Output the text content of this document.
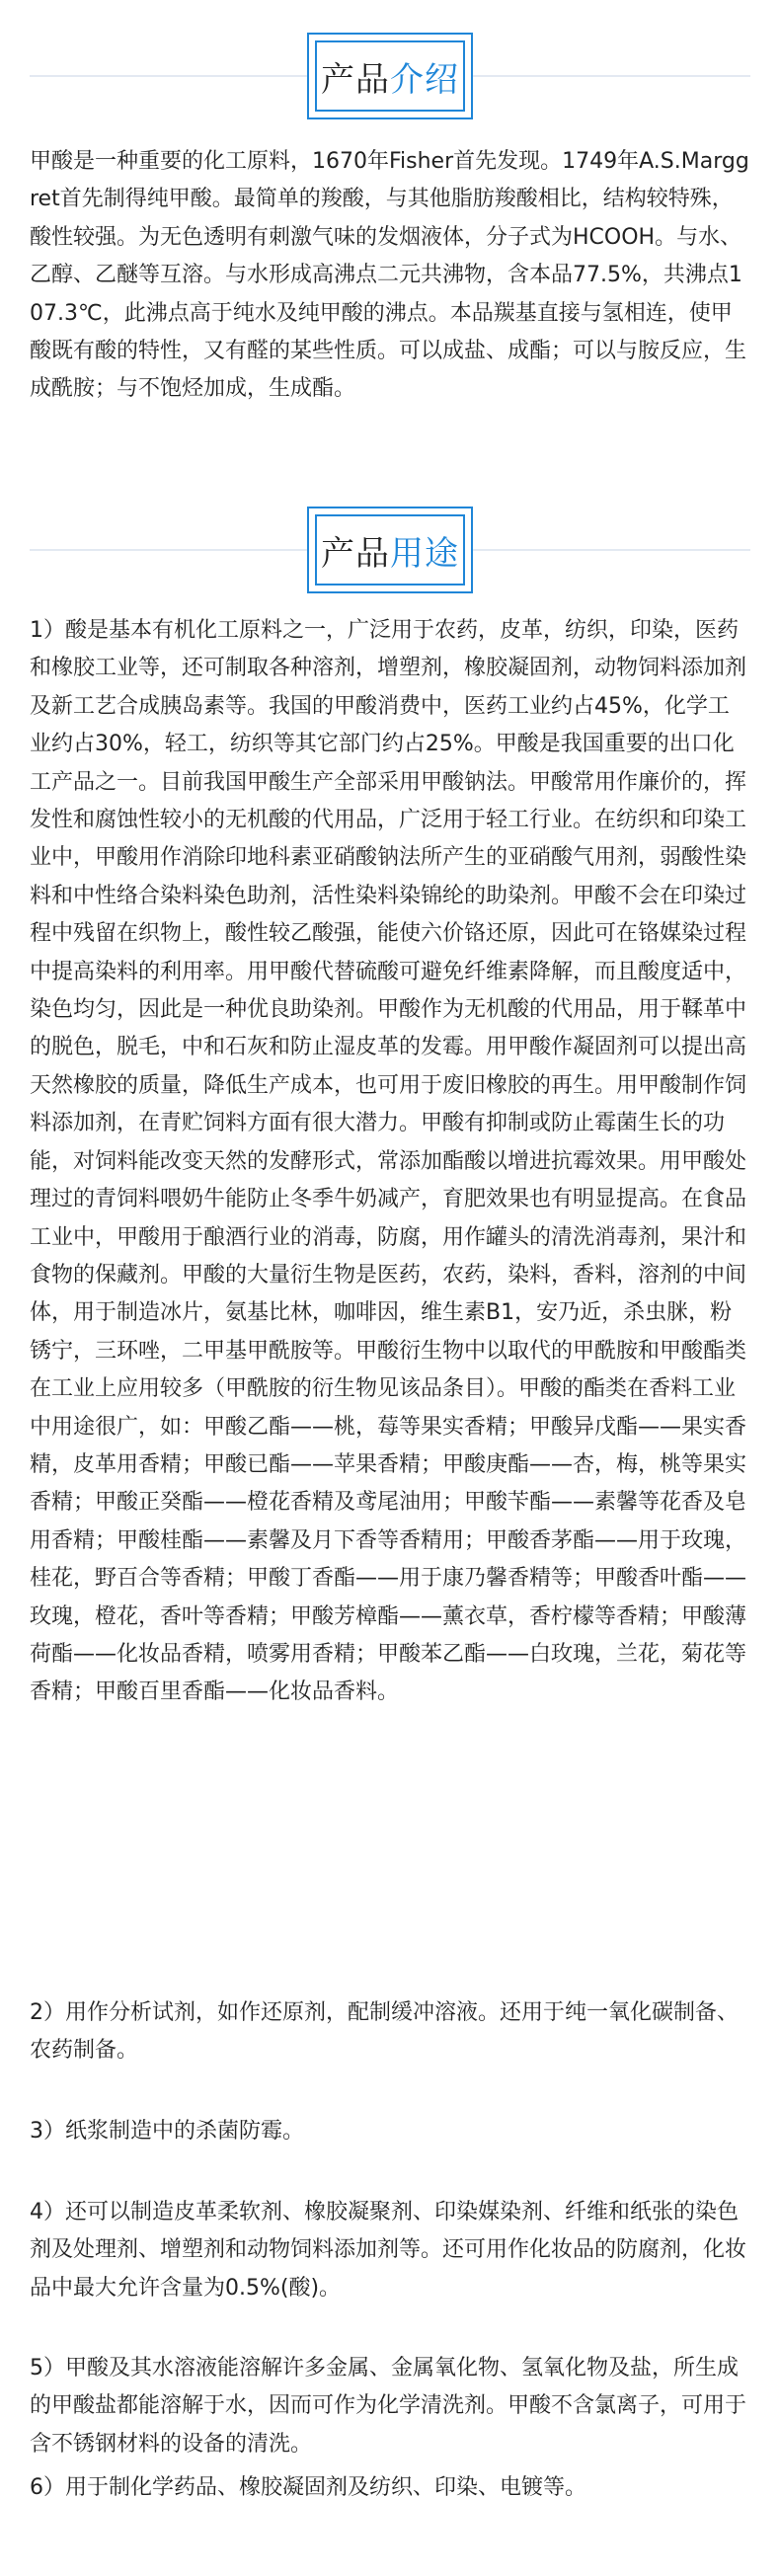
产品 介绍

甲酸是一种重要的化工原料，1670年Fisher首先发现。1749年A.S.Marggret首先制得纯甲酸。最简单的羧酸，与其他脂肪羧酸相比，结构较特殊，酸性较强。为无色透明有刺激气味的发烟液体，分子式为HCOOH。与水、乙醇、乙醚等互溶。与水形成高沸点二元共沸物，含本品77.5%，共沸点107.3℃，此沸点高于纯水及纯甲酸的沸点。本品羰基直接与氢相连，使甲酸既有酸的特性，又有醛的某些性质。可以成盐、成酯；可以与胺反应，生成酰胺；与不饱烃加成，生成酯。

产品 用途

1）酸是基本有机化工原料之一，广泛用于农药，皮革，纺织，印染，医药和橡胶工业等，还可制取各种溶剂，增塑剂，橡胶凝固剂，动物饲料添加剂及新工艺合成胰岛素等。我国的甲酸消费中，医药工业约占45%，化学工业约占30%，轻工，纺织等其它部门约占25%。甲酸是我国重要的出口化工产品之一。目前我国甲酸生产全部采用甲酸钠法。甲酸常用作廉价的，挥发性和腐蚀性较小的无机酸的代用品，广泛用于轻工行业。在纺织和印染工业中，甲酸用作消除印地科素亚硝酸钠法所产生的亚硝酸气用剂，弱酸性染料和中性络合染料染色助剂，活性染料染锦纶的助染剂。甲酸不会在印染过程中残留在织物上，酸性较乙酸强，能使六价铬还原，因此可在铬媒染过程中提高染料的利用率。用甲酸代替硫酸可避免纤维素降解，而且酸度适中，染色均匀，因此是一种优良助染剂。甲酸作为无机酸的代用品，用于鞣革中的脱色，脱毛，中和石灰和防止湿皮革的发霉。用甲酸作凝固剂可以提出高天然橡胶的质量，降低生产成本，也可用于废旧橡胶的再生。用甲酸制作饲料添加剂，在青贮饲料方面有很大潜力。甲酸有抑制或防止霉菌生长的功能，对饲料能改变天然的发酵形式，常添加酯酸以增进抗霉效果。用甲酸处理过的青饲料喂奶牛能防止冬季牛奶减产，育肥效果也有明显提高。在食品工业中，甲酸用于酿酒行业的消毒，防腐，用作罐头的清洗消毒剂，果汁和食物的保藏剂。甲酸的大量衍生物是医药，农药，染料，香料，溶剂的中间体，用于制造冰片，氨基比林，咖啡因，维生素B1，安乃近，杀虫脒，粉锈宁，三环唑，二甲基甲酰胺等。甲酸衍生物中以取代的甲酰胺和甲酸酯类在工业上应用较多（甲酰胺的衍生物见该品条目）。甲酸的酯类在香料工业中用途很广，如：甲酸乙酯——桃，莓等果实香精；甲酸异戊酯——果实香精，皮革用香精；甲酸已酯——苹果香精；甲酸庚酯——杏，梅，桃等果实香精；甲酸正癸酯——橙花香精及鸢尾油用；甲酸苄酯——素馨等花香及皂用香精；甲酸桂酯——素馨及月下香等香精用；甲酸香茅酯——用于玫瑰，桂花，野百合等香精；甲酸丁香酯——用于康乃馨香精等；甲酸香叶酯——玫瑰，橙花，香叶等香精；甲酸芳樟酯——薰衣草，香柠檬等香精；甲酸薄荷酯——化妆品香精，喷雾用香精；甲酸苯乙酯——白玫瑰，兰花，菊花等香精；甲酸百里香酯——化妆品香料。

2）用作分析试剂，如作还原剂，配制缓冲溶液。还用于纯一氧化碳制备、农药制备。

3）纸浆制造中的杀菌防霉。

4）还可以制造皮革柔软剂、橡胶凝聚剂、印染媒染剂、纤维和纸张的染色剂及处理剂、增塑剂和动物饲料添加剂等。还可用作化妆品的防腐剂，化妆品中最大允许含量为0.5%(酸)。

5）甲酸及其水溶液能溶解许多金属、金属氧化物、氢氧化物及盐，所生成的甲酸盐都能溶解于水，因而可作为化学清洗剂。甲酸不含氯离子，可用于含不锈钢材料的设备的清洗。

6）用于制化学药品、橡胶凝固剂及纺织、印染、电镀等。
